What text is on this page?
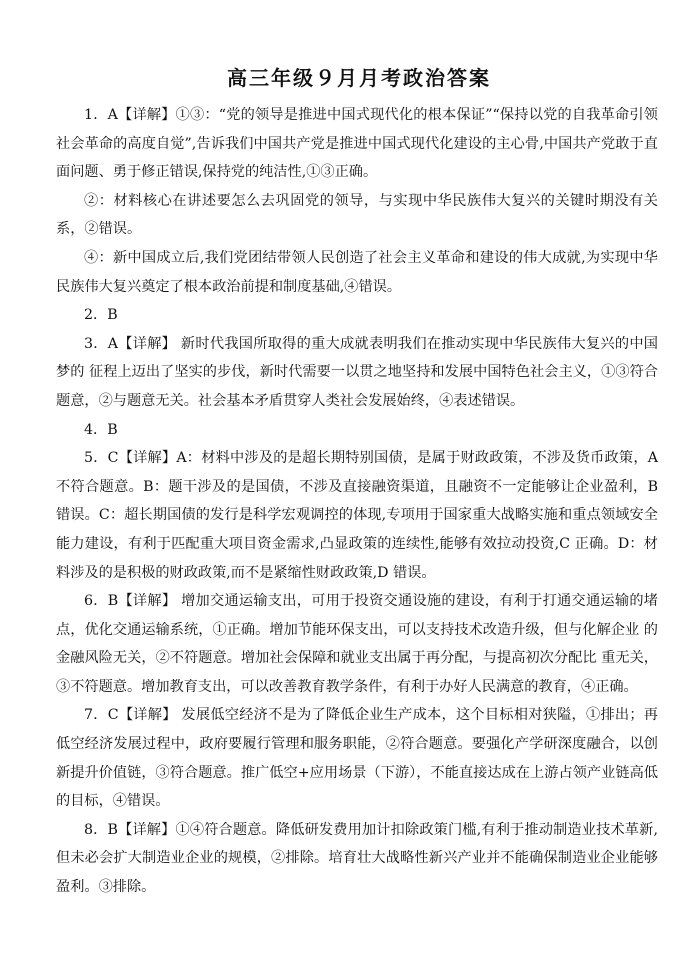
高三年级９月月考政治答案

1．A【详解】①③：“党的领导是推进中国式现代化的根本保证”“保持以党的自我革命引领社会革命的高度自觉”,告诉我们中国共产党是推进中国式现代化建设的主心骨,中国共产党敢于直面问题、勇于修正错误,保持党的纯洁性,①③正确。

②：材料核心在讲述要怎么去巩固党的领导，与实现中华民族伟大复兴的关键时期没有关系，②错误。

④：新中国成立后,我们党团结带领人民创造了社会主义革命和建设的伟大成就,为实现中华民族伟大复兴奠定了根本政治前提和制度基础,④错误。

2．B

3．A【详解】 新时代我国所取得的重大成就表明我们在推动实现中华民族伟大复兴的中国梦的 征程上迈出了坚实的步伐，新时代需要一以贯之地坚持和发展中国特色社会主义，①③符合题意，②与题意无关。社会基本矛盾贯穿人类社会发展始终，④表述错误。

4．B

5．C【详解】A：材料中涉及的是超长期特别国债，是属于财政政策，不涉及货币政策，A 不符合题意。B：题干涉及的是国债，不涉及直接融资渠道，且融资不一定能够让企业盈利，B 错误。C：超长期国债的发行是科学宏观调控的体现,专项用于国家重大战略实施和重点领域安全能力建设，有利于匹配重大项目资金需求,凸显政策的连续性,能够有效拉动投资,C 正确。D：材料涉及的是积极的财政政策,而不是紧缩性财政政策,D 错误。

6．B【详解】 增加交通运输支出，可用于投资交通设施的建设，有利于打通交通运输的堵点，优化交通运输系统，①正确。增加节能环保支出，可以支持技术改造升级，但与化解企业 的金融风险无关，②不符题意。增加社会保障和就业支出属于再分配，与提高初次分配比 重无关，③不符题意。增加教育支出，可以改善教育教学条件，有利于办好人民满意的教育，④正确。

7．C【详解】 发展低空经济不是为了降低企业生产成本，这个目标相对狭隘，①排出；再低空经济发展过程中，政府要履行管理和服务职能，②符合题意。要强化产学研深度融合，以创新提升价值链，③符合题意。推广低空+应用场景（下游），不能直接达成在上游占领产业链高低的目标，④错误。

8．B【详解】①④符合题意。降低研发费用加计扣除政策门槛,有利于推动制造业技术革新,但未必会扩大制造业企业的规模，②排除。培育壮大战略性新兴产业并不能确保制造业企业能够盈利。③排除。
